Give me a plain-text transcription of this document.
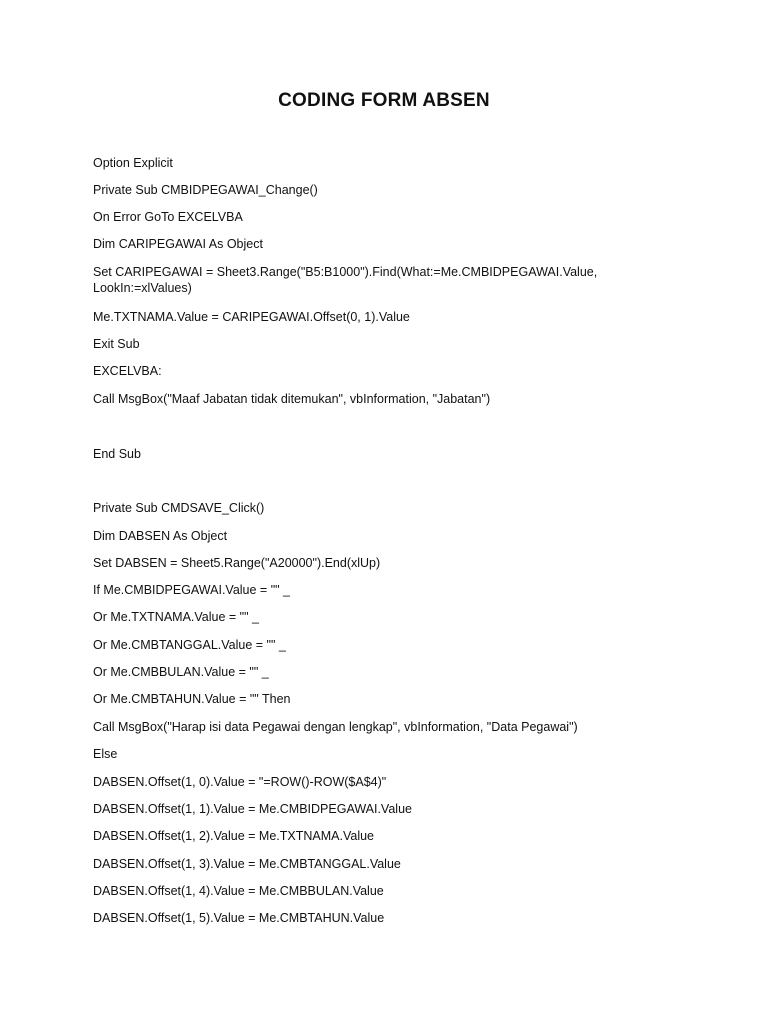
CODING FORM ABSEN
Option Explicit
Private Sub CMBIDPEGAWAI_Change()
On Error GoTo EXCELVBA
Dim CARIPEGAWAI As Object
Set CARIPEGAWAI = Sheet3.Range("B5:B1000").Find(What:=Me.CMBIDPEGAWAI.Value,
LookIn:=xlValues)
Me.TXTNAMA.Value = CARIPEGAWAI.Offset(0, 1).Value
Exit Sub
EXCELVBA:
Call MsgBox("Maaf Jabatan tidak ditemukan", vbInformation, "Jabatan")
End Sub
Private Sub CMDSAVE_Click()
Dim DABSEN As Object
Set DABSEN = Sheet5.Range("A20000").End(xlUp)
If Me.CMBIDPEGAWAI.Value = "" _
Or Me.TXTNAMA.Value = "" _
Or Me.CMBTANGGAL.Value = "" _
Or Me.CMBBULAN.Value = "" _
Or Me.CMBTAHUN.Value = "" Then
Call MsgBox("Harap isi data Pegawai dengan lengkap", vbInformation, "Data Pegawai")
Else
DABSEN.Offset(1, 0).Value = "=ROW()-ROW($A$4)"
DABSEN.Offset(1, 1).Value = Me.CMBIDPEGAWAI.Value
DABSEN.Offset(1, 2).Value = Me.TXTNAMA.Value
DABSEN.Offset(1, 3).Value = Me.CMBTANGGAL.Value
DABSEN.Offset(1, 4).Value = Me.CMBBULAN.Value
DABSEN.Offset(1, 5).Value = Me.CMBTAHUN.Value
